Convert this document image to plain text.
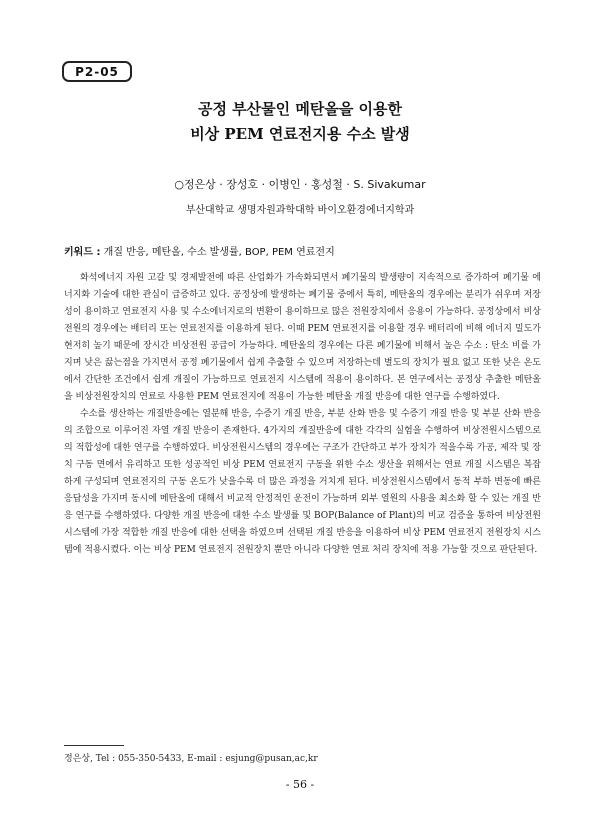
P2-05
공정 부산물인 메탄올을 이용한
비상 PEM 연료전지용 수소 발생
○정은상 · 장성호 · 이병인 · 홍성철 · S. Sivakumar
부산대학교 생명자원과학대학 바이오환경에너지학과
키워드 : 개질 반응, 메탄올, 수소 발생률, BOP, PEM 연료전지

화석에너지 자원 고갈 및 경제발전에 따른 산업화가 가속화되면서 폐기물의 발생량이 지속적으로 증가하여 폐기물 에너지화 기술에 대한 관심이 급증하고 있다. 공정상에 발생하는 폐기물 중에서 특히, 메탄올의 경우에는 분리가 쉬우며 저장성이 용이하고 연료전지 사용 및 수소에너지로의 변환이 용이하므로 많은 전원장치에서 응용이 가능하다. 공정상에서 비상전원의 경우에는 배터리 또는 연료전지를 이용하게 된다. 이때 PEM 연료전지를 이용할 경우 배터리에 비해 에너지 밀도가 현저히 높기 때문에 장시간 비상전원 공급이 가능하다. 메탄올의 경우에는 다른 폐기물에 비해서 높은 수소 : 탄소 비를 가지며 낮은 끓는점을 가지면서 공정 폐기물에서 쉽게 추출할 수 있으며 저장하는데 별도의 장치가 필요 없고 또한 낮은 온도에서 간단한 조건에서 쉽게 개질이 가능하므로 연료전지 시스템에 적용이 용이하다. 본 연구에서는 공정상 추출한 메탄올을 비상전원장치의 연료로 사용한 PEM 연료전지에 적용이 가능한 메탄올 개질 반응에 대한 연구를 수행하였다.

수소를 생산하는 개질반응에는 열분해 반응, 수증기 개질 반응, 부분 산화 반응 및 수증기 개질 반응 및 부분 산화 반응의 조합으로 이루어진 자열 개질 반응이 존재한다. 4가지의 개질반응에 대한 각각의 실험을 수행하여 비상전원시스템으로의 적합성에 대한 연구를 수행하였다. 비상전원시스템의 경우에는 구조가 간단하고 부가 장치가 적을수록 가공, 제작 및 장치 구동 면에서 유리하고 또한 성공적인 비상 PEM 연료전지 구동을 위한 수소 생산을 위해서는 연료 개질 시스템은 복잡하게 구성되며 연료전지의 구동 온도가 낮을수록 더 많은 과정을 거치게 된다. 비상전원시스템에서 동적 부하 변동에 빠른 응답성을 가지며 동시에 메탄올에 대해서 비교적 안정적인 운전이 가능하며 외부 열원의 사용을 최소화 할 수 있는 개질 반응 연구를 수행하였다. 다양한 개질 반응에 대한 수소 발생률 및 BOP(Balance of Plant)의 비교 검증을 통하여 비상전원시스템에 가장 적합한 개질 반응에 대한 선택을 하였으며 선택된 개질 반응을 이용하여 비상 PEM 연료전지 전원장치 시스템에 적용시켰다. 이는 비상 PEM 연료전지 전원장치 뿐만 아니라 다양한 연료 처리 장치에 적용 가능할 것으로 판단된다.

정은상, Tel : 055-350-5433, E-mail : esjung@pusan,ac,kr
- 56 -
